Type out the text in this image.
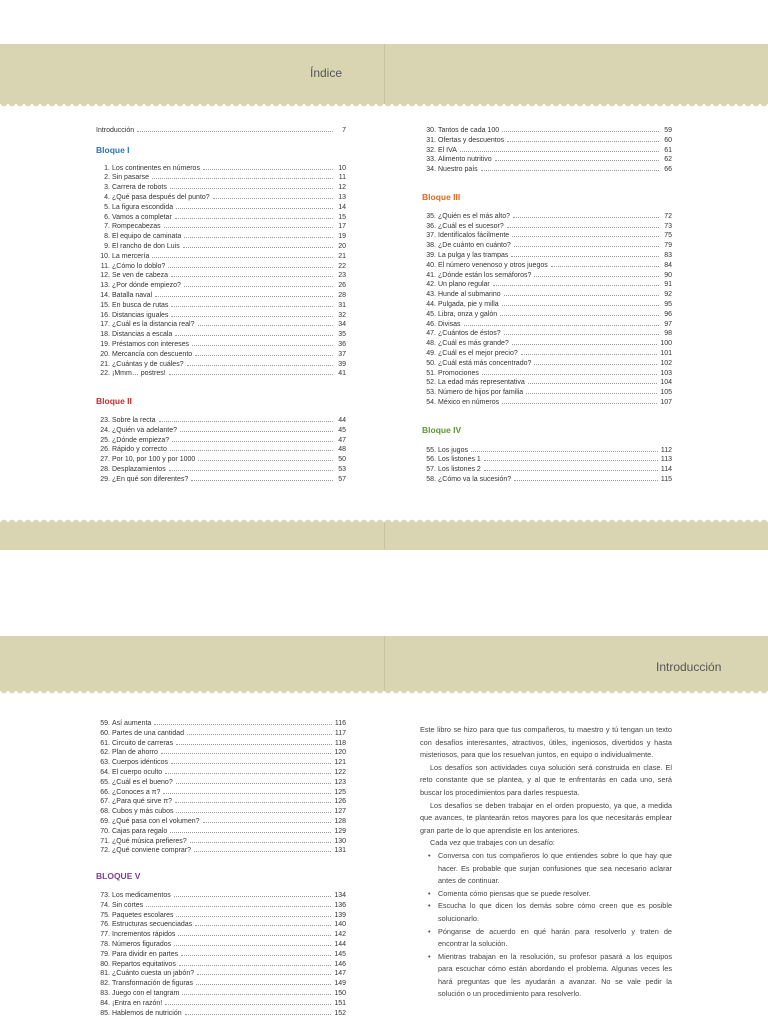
Índice
Introducción
Introducción	7
Bloque I
1. Los continentes en números	10
2. Sin pasarse	11
3. Carrera de robots	12
4. ¿Qué pasa después del punto?	13
5. La figura escondida	14
6. Vamos a completar	15
7. Rompecabezas	17
8. El equipo de caminata	19
9. El rancho de don Luis	20
10. La mercería	21
11. ¿Cómo lo doblo?	22
12. Se ven de cabeza	23
13. ¿Por dónde empiezo?	26
14. Batalla naval	28
15. En busca de rutas	31
16. Distancias iguales	32
17. ¿Cuál es la distancia real?	34
18. Distancias a escala	35
19. Préstamos con intereses	36
20. Mercancía con descuento	37
21. ¿Cuántas y de cuáles?	39
22. ¡Mmm… postres!	41
Bloque II
23. Sobre la recta	44
24. ¿Quién va adelante?	45
25. ¿Dónde empieza?	47
26. Rápido y correcto	48
27. Por 10, por 100 y por 1000	50
28. Desplazamientos	53
29. ¿En qué son diferentes?	57
30. Tantos de cada 100	59
31. Ofertas y descuentos	60
32. El IVA	61
33. Alimento nutritivo	62
34. Nuestro país	66
Bloque III
35. ¿Quién es el más alto?	72
36. ¿Cuál es el sucesor?	73
37. Identifícalos fácilmente	75
38. ¿De cuánto en cuánto?	79
39. La pulga y las trampas	83
40. El número venenoso y otros juegos	84
41. ¿Dónde están los semáforos?	90
42. Un plano regular	91
43. Hunde al submarino	92
44. Pulgada, pie y milla	95
45. Libra, onza y galón	96
46. Divisas	97
47. ¿Cuántos de éstos?	98
48. ¿Cuál es más grande?	100
49. ¿Cuál es el mejor precio?	101
50. ¿Cuál está más concentrado?	102
51. Promociones	103
52. La edad más representativa	104
53. Número de hijos por familia	105
54. México en números	107
Bloque IV
55. Los jugos	112
56. Los listones 1	113
57. Los listones 2	114
58. ¿Cómo va la sucesión?	115
59. Así aumenta	116
60. Partes de una cantidad	117
61. Circuito de carreras	118
62. Plan de ahorro	120
63. Cuerpos idénticos	121
64. El cuerpo oculto	122
65. ¿Cuál es el bueno?	123
66. ¿Conoces a π?	125
67. ¿Para qué sirve π?	126
68. Cubos y más cubos	127
69. ¿Qué pasa con el volumen?	128
70. Cajas para regalo	129
71. ¿Qué música prefieres?	130
72. ¿Qué conviene comprar?	131
BLOQUE V
73. Los medicamentos	134
74. Sin cortes	136
75. Paquetes escolares	139
76. Estructuras secuenciadas	140
77. Incrementos rápidos	142
78. Números figurados	144
79. Para dividir en partes	145
80. Repartos equitativos	146
81. ¿Cuánto cuesta un jabón?	147
82. Transformación de figuras	149
83. Juego con el tangram	150
84. ¡Entra en razón!	151
85. Hablemos de nutrición	152

Este libro se hizo para que tus compañeros, tu maestro y tú tengan un texto con desafíos interesantes, atractivos, útiles, ingeniosos, divertidos y hasta misteriosos, para que los resuelvan juntos, en equipo o individualmente.

Los desafíos son actividades cuya solución será construida en clase. El reto constante que se plantea, y al que te enfrentarás en cada uno, será buscar los procedimientos para darles respuesta.

Los desafíos se deben trabajar en el orden propuesto, ya que, a medida que avances, te plantearán retos mayores para los que necesitarás emplear gran parte de lo que aprendiste en los anteriores.

Cada vez que trabajes con un desafío:

• Conversa con tus compañeros lo que entiendes sobre lo que hay que hacer. Es probable que surjan confusiones que sea necesario aclarar antes de continuar.
• Comenta cómo piensas que se puede resolver.
• Escucha lo que dicen los demás sobre cómo creen que es posible solucionarlo.
• Pónganse de acuerdo en qué harán para resolverlo y traten de encontrar la solución.
• Mientras trabajan en la resolución, su profesor pasará a los equipos para escuchar cómo están abordando el problema. Algunas veces les hará preguntas que les ayudarán a avanzar. No se vale pedir la solución o un procedimiento para resolverlo.
